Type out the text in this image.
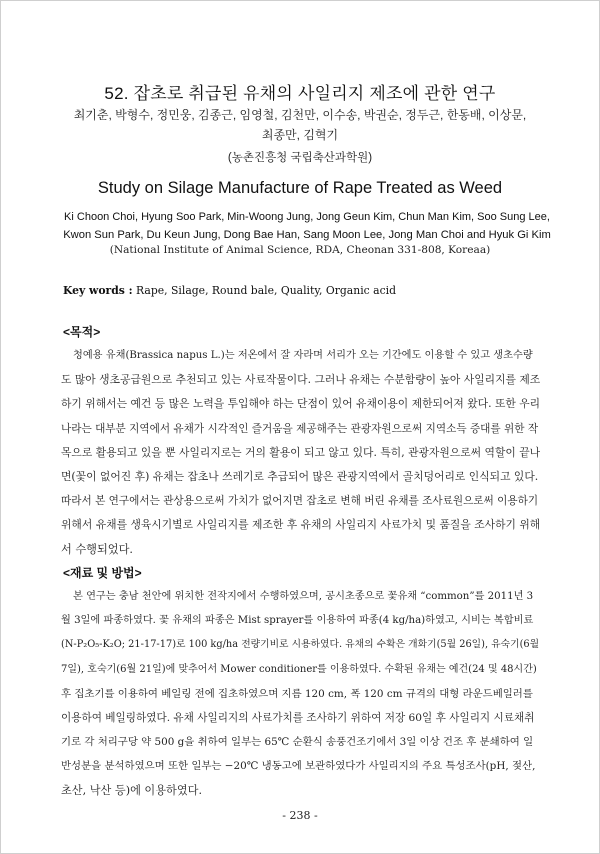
52. 잡초로 취급된 유채의 사일리지 제조에 관한 연구
최기춘, 박형수, 정민웅, 김종근, 임영철, 김천만, 이수송, 박권순, 정두근, 한동배, 이상문,
최종만, 김혁기
(농촌진흥청 국립축산과학원)
Study on Silage Manufacture of Rape Treated as Weed
Ki Choon Choi, Hyung Soo Park, Min-Woong Jung, Jong Geun Kim, Chun Man Kim, Soo Sung Lee,
Kwon Sun Park, Du Keun Jung, Dong Bae Han, Sang Moon Lee, Jong Man Choi and Hyuk Gi Kim
(National Institute of Animal Science, RDA, Cheonan 331-808, Koreaa)
Key words : Rape, Silage, Round bale, Quality, Organic acid
<목적>
청예용 유채(Brassica napus L.)는 저온에서 잘 자라며 서리가 오는 기간에도 이용할 수 있고 생초수량
도 많아 생초공급원으로 추천되고 있는 사료작물이다. 그러나 유채는 수분함량이 높아 사일리지를 제조
하기 위해서는 예건 등 많은 노력을 투입해야 하는 단점이 있어 유채이용이 제한되어져 왔다. 또한 우리
나라는 대부분 지역에서 유채가 시각적인 즐거움을 제공해주는 관광자원으로써 지역소득 증대를 위한 작
목으로 활용되고 있을 뿐 사일리지로는 거의 활용이 되고 않고 있다. 특히, 관광자원으로써 역할이 끝나
면(꽃이 없어진 후) 유채는 잡초나 쓰레기로 추급되어 많은 관광지역에서 골치덩어리로 인식되고 있다.
따라서 본 연구에서는 관상용으로써 가치가 없어지면 잡초로 변해 버린 유채를 조사료원으로써 이용하기
위해서 유채를 생육시기별로 사일리지를 제조한 후 유채의 사일리지 사료가치 및 품질을 조사하기 위해
서 수행되었다.
<재료 및 방법>
본 연구는 충남 천안에 위치한 전작지에서 수행하였으며, 공시초종으로 꽃유채 “common”를 2011년 3
월 3일에 파종하였다. 꽃 유채의 파종은 Mist sprayer를 이용하여 파종(4 kg/ha)하였고, 시비는 복합비료
(N-P₂O₅-K₂O; 21-17-17)로 100 kg/ha 전량기비로 시용하였다. 유채의 수확은 개화기(5월 26일), 유숙기(6월
7일), 호숙기(6월 21일)에 맞추어서 Mower conditioner를 이용하였다. 수확된 유채는 예건(24 및 48시간)
후 집초기를 이용하여 베일링 전에 집초하였으며 지름 120 cm, 폭 120 cm 규격의 대형 라운드베일러를
이용하여 베일링하였다. 유채 사일리지의 사료가치를 조사하기 위하여 저장 60일 후 사일리지 시료채취
기로 각 처리구당 약 500 g을 취하여 일부는 65℃ 순환식 송풍건조기에서 3일 이상 건조 후 분쇄하여 일
반성분을 분석하였으며 또한 일부는 −20℃ 냉동고에 보관하였다가 사일리지의 주요 특성조사(pH, 젖산,
초산, 낙산 등)에 이용하였다.
- 238 -
